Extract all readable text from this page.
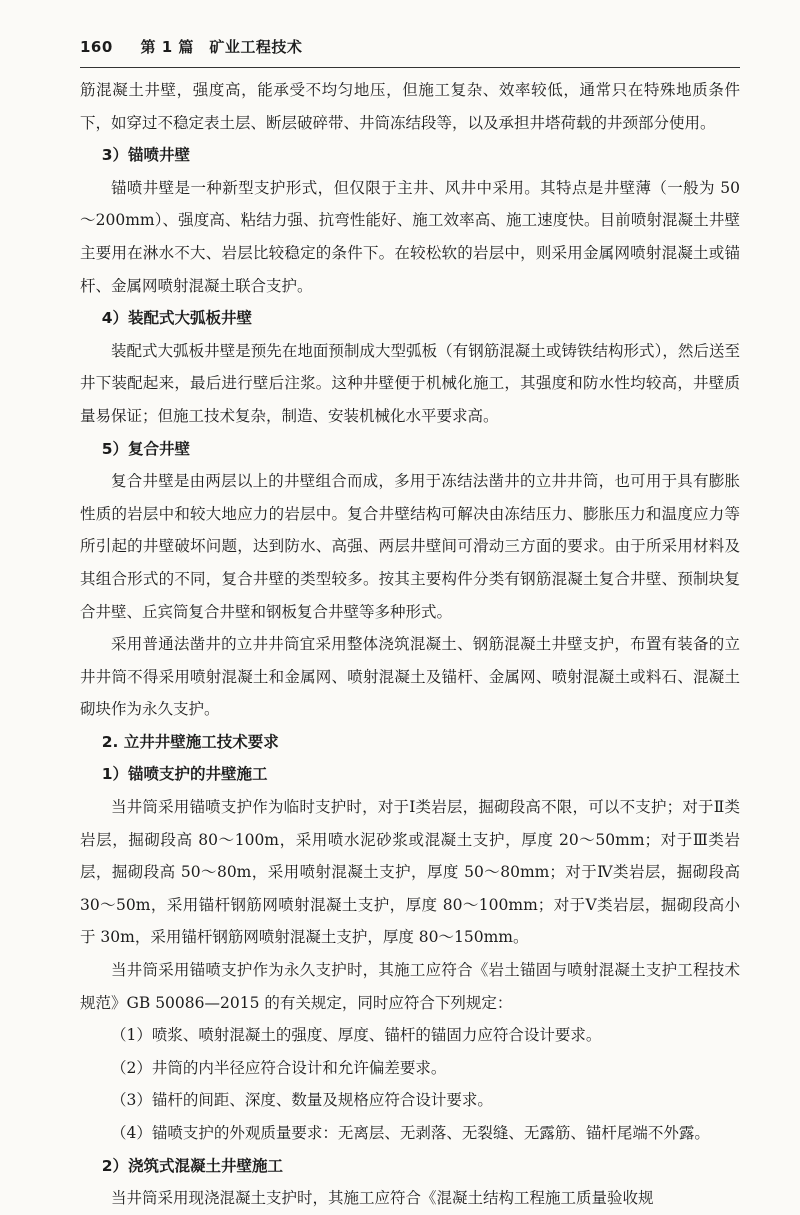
160 第 1 篇　矿业工程技术

筋混凝土井壁，强度高，能承受不均匀地压，但施工复杂、效率较低，通常只在特殊地质条件下，如穿过不稳定表土层、断层破碎带、井筒冻结段等，以及承担井塔荷载的井颈部分使用。

3）锚喷井壁

锚喷井壁是一种新型支护形式，但仅限于主井、风井中采用。其特点是井壁薄（一般为 50～200mm）、强度高、粘结力强、抗弯性能好、施工效率高、施工速度快。目前喷射混凝土井壁主要用在淋水不大、岩层比较稳定的条件下。在较松软的岩层中，则采用金属网喷射混凝土或锚杆、金属网喷射混凝土联合支护。

4）装配式大弧板井壁

装配式大弧板井壁是预先在地面预制成大型弧板（有钢筋混凝土或铸铁结构形式），然后送至井下装配起来，最后进行壁后注浆。这种井壁便于机械化施工，其强度和防水性均较高，井壁质量易保证；但施工技术复杂，制造、安装机械化水平要求高。

5）复合井壁

复合井壁是由两层以上的井壁组合而成，多用于冻结法凿井的立井井筒，也可用于具有膨胀性质的岩层中和较大地应力的岩层中。复合井壁结构可解决由冻结压力、膨胀压力和温度应力等所引起的井壁破坏问题，达到防水、高强、两层井壁间可滑动三方面的要求。由于所采用材料及其组合形式的不同，复合井壁的类型较多。按其主要构件分类有钢筋混凝土复合井壁、预制块复合井壁、丘宾筒复合井壁和钢板复合井壁等多种形式。

采用普通法凿井的立井井筒宜采用整体浇筑混凝土、钢筋混凝土井壁支护，布置有装备的立井井筒不得采用喷射混凝土和金属网、喷射混凝土及锚杆、金属网、喷射混凝土或料石、混凝土砌块作为永久支护。

2. 立井井壁施工技术要求

1）锚喷支护的井壁施工

当井筒采用锚喷支护作为临时支护时，对于Ⅰ类岩层，掘砌段高不限，可以不支护；对于Ⅱ类岩层，掘砌段高 80～100m，采用喷水泥砂浆或混凝土支护，厚度 20～50mm；对于Ⅲ类岩层，掘砌段高 50～80m，采用喷射混凝土支护，厚度 50～80mm；对于Ⅳ类岩层，掘砌段高 30～50m，采用锚杆钢筋网喷射混凝土支护，厚度 80～100mm；对于Ⅴ类岩层，掘砌段高小于 30m，采用锚杆钢筋网喷射混凝土支护，厚度 80～150mm。

当井筒采用锚喷支护作为永久支护时，其施工应符合《岩土锚固与喷射混凝土支护工程技术规范》GB 50086—2015 的有关规定，同时应符合下列规定：

（1）喷浆、喷射混凝土的强度、厚度、锚杆的锚固力应符合设计要求。

（2）井筒的内半径应符合设计和允许偏差要求。

（3）锚杆的间距、深度、数量及规格应符合设计要求。

（4）锚喷支护的外观质量要求：无离层、无剥落、无裂缝、无露筋、锚杆尾端不外露。

2）浇筑式混凝土井壁施工

当井筒采用现浇混凝土支护时，其施工应符合《混凝土结构工程施工质量验收规
